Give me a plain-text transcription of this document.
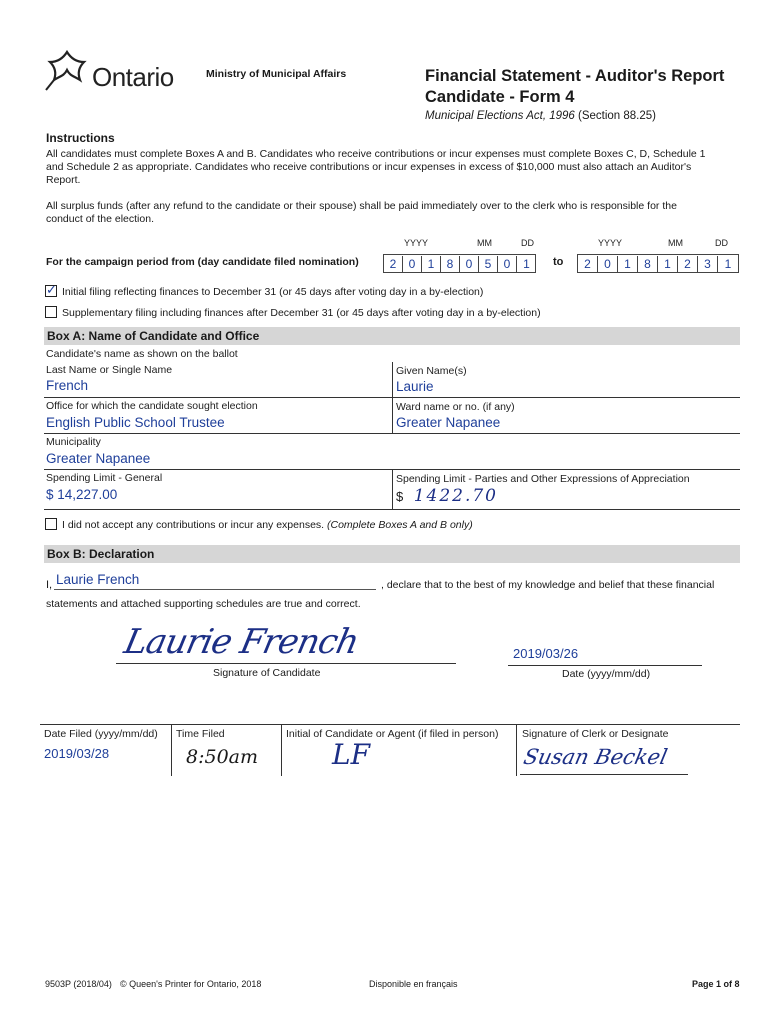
Ontario	Ministry of Municipal Affairs	Financial Statement - Auditor's Report
Candidate - Form 4
Municipal Elections Act, 1996 (Section 88.25)
Instructions
All candidates must complete Boxes A and B. Candidates who receive contributions or incur expenses must complete Boxes C, D, Schedule 1 and Schedule 2 as appropriate. Candidates who receive contributions or incur expenses in excess of $10,000 must also attach an Auditor's Report.
All surplus funds (after any refund to the candidate or their spouse) shall be paid immediately over to the clerk who is responsible for the conduct of the election.
YYYY	MM	DD	YYYY	MM	DD
For the campaign period from (day candidate filed nomination)	2	0	1	8	0	5	0	1	to	2	0	1	8	1	2	3	1
✓ Initial filing reflecting finances to December 31 (or 45 days after voting day in a by-election)
Supplementary filing including finances after December 31 (or 45 days after voting day in a by-election)
Box A: Name of Candidate and Office
Candidate's name as shown on the ballot
Last Name or Single Name
French
Given Name(s)
Laurie
Office for which the candidate sought election
English Public School Trustee
Ward name or no. (if any)
Greater Napanee
Municipality
Greater Napanee
Spending Limit - General
$ 14,227.00
Spending Limit - Parties and Other Expressions of Appreciation
$ 1422.70
I did not accept any contributions or incur any expenses. (Complete Boxes A and B only)
Box B: Declaration
I, Laurie French	, declare that to the best of my knowledge and belief that these financial
statements and attached supporting schedules are true and correct.
Laurie French
Signature of Candidate
2019/03/26
Date (yyyy/mm/dd)
Date Filed (yyyy/mm/dd)
2019/03/28
Time Filed
8:50am
Initial of Candidate or Agent (if filed in person)
LF
Signature of Clerk or Designate
Susan Beckel
9503P (2018/04) © Queen's Printer for Ontario, 2018	Disponible en français	Page 1 of 8
